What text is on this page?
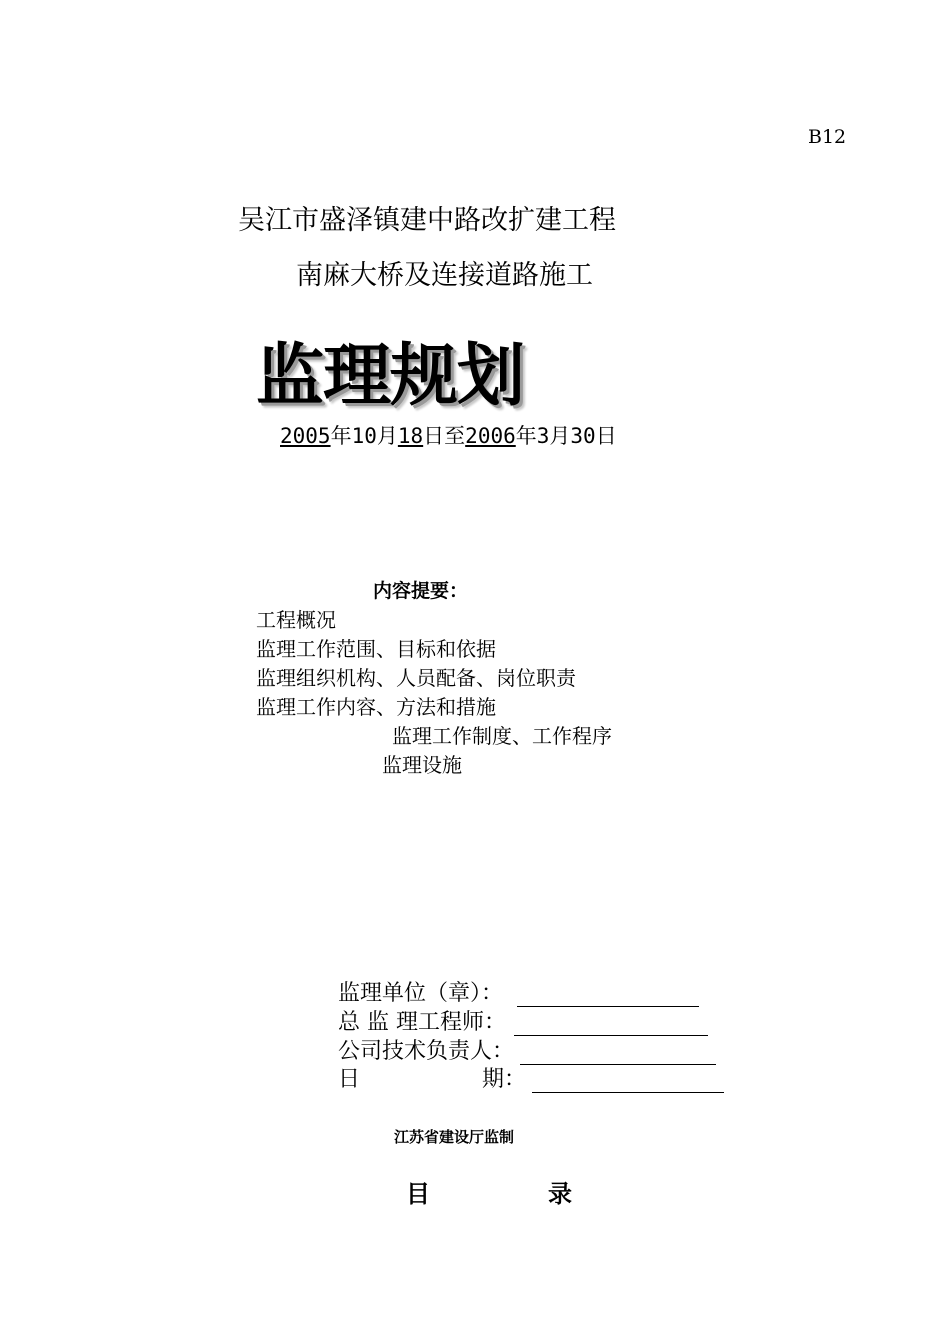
B12
吴江市盛泽镇建中路改扩建工程
南麻大桥及连接道路施工
监理规划
2005年10月18日至2006年3月30日
内容提要：
工程概况
监理工作范围、目标和依据
监理组织机构、人员配备、岗位职责
监理工作内容、方法和措施
监理工作制度、工作程序
监理设施
监理单位（章）：
总 监 理工程师：
公司技术负责人：
日	期：
江苏省建设厅监制
目	录
